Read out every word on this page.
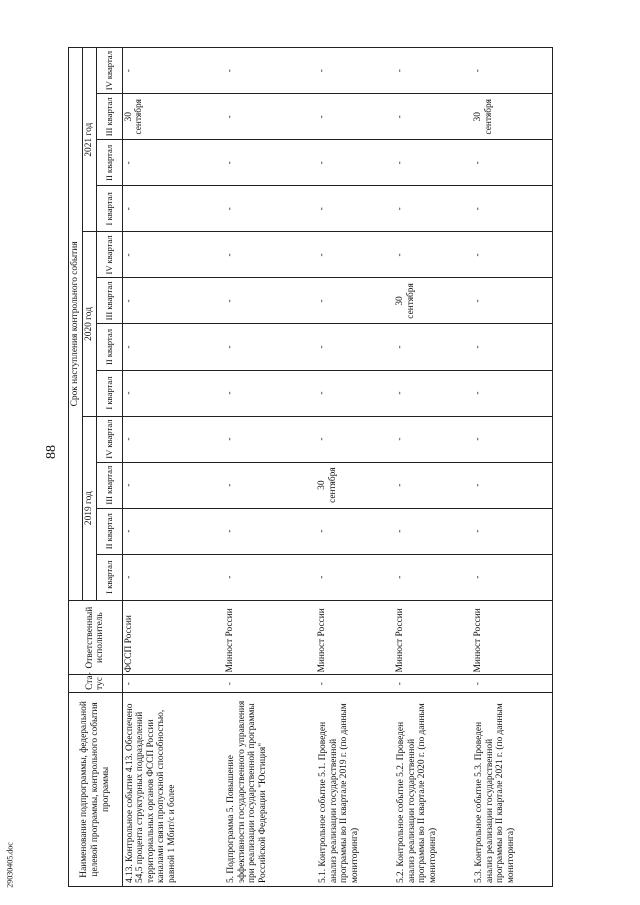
88
29030405.doc	Наименование подпрограммы, федеральной целевой программы, контрольного события программы	Ста-тус	Ответственный исполнитель	Срок наступления контрольного события											
			2019 год				2020 год				2021 год			
			I квартал	II квартал	III квартал	IV квартал	I квартал	II квартал	III квартал	IV квартал	I квартал	II квартал	III квартал	IV квартал
4.13. Контрольное событие 4.13. Обеспечено 54,5 процента структурных подразделений территориальных органов ФССП России каналами связи пропускной способностью, равной 1 Мбит/с и более	-	ФССП России	-	-	-	-	-	-	-	-	-	-	30 сентября	-
5. Подпрограмма 5. Повышение эффективности государственного управления при реализации государственной программы Российской Федерации "Юстиция"	-	Минюст России	-	-	-	-	-	-	-	-	-	-	-	-
5.1. Контрольное событие 5.1. Проведен анализ реализации государственной программы во II квартале 2019 г. (по данным мониторинга)	-	Минюст России	-	-	30 сентября	-	-	-	-	-	-	-	-	-
5.2. Контрольное событие 5.2. Проведен анализ реализации государственной программы во II квартале 2020 г. (по данным мониторинга)	-	Минюст России	-	-	-	-	-	-	30 сентября	-	-	-	-	-
5.3. Контрольное событие 5.3. Проведен анализ реализации государственной программы во II квартале 2021 г. (по данным мониторинга)	-	Минюст России	-	-	-	-	-	-	-	-	-	-	30 сентября	-
